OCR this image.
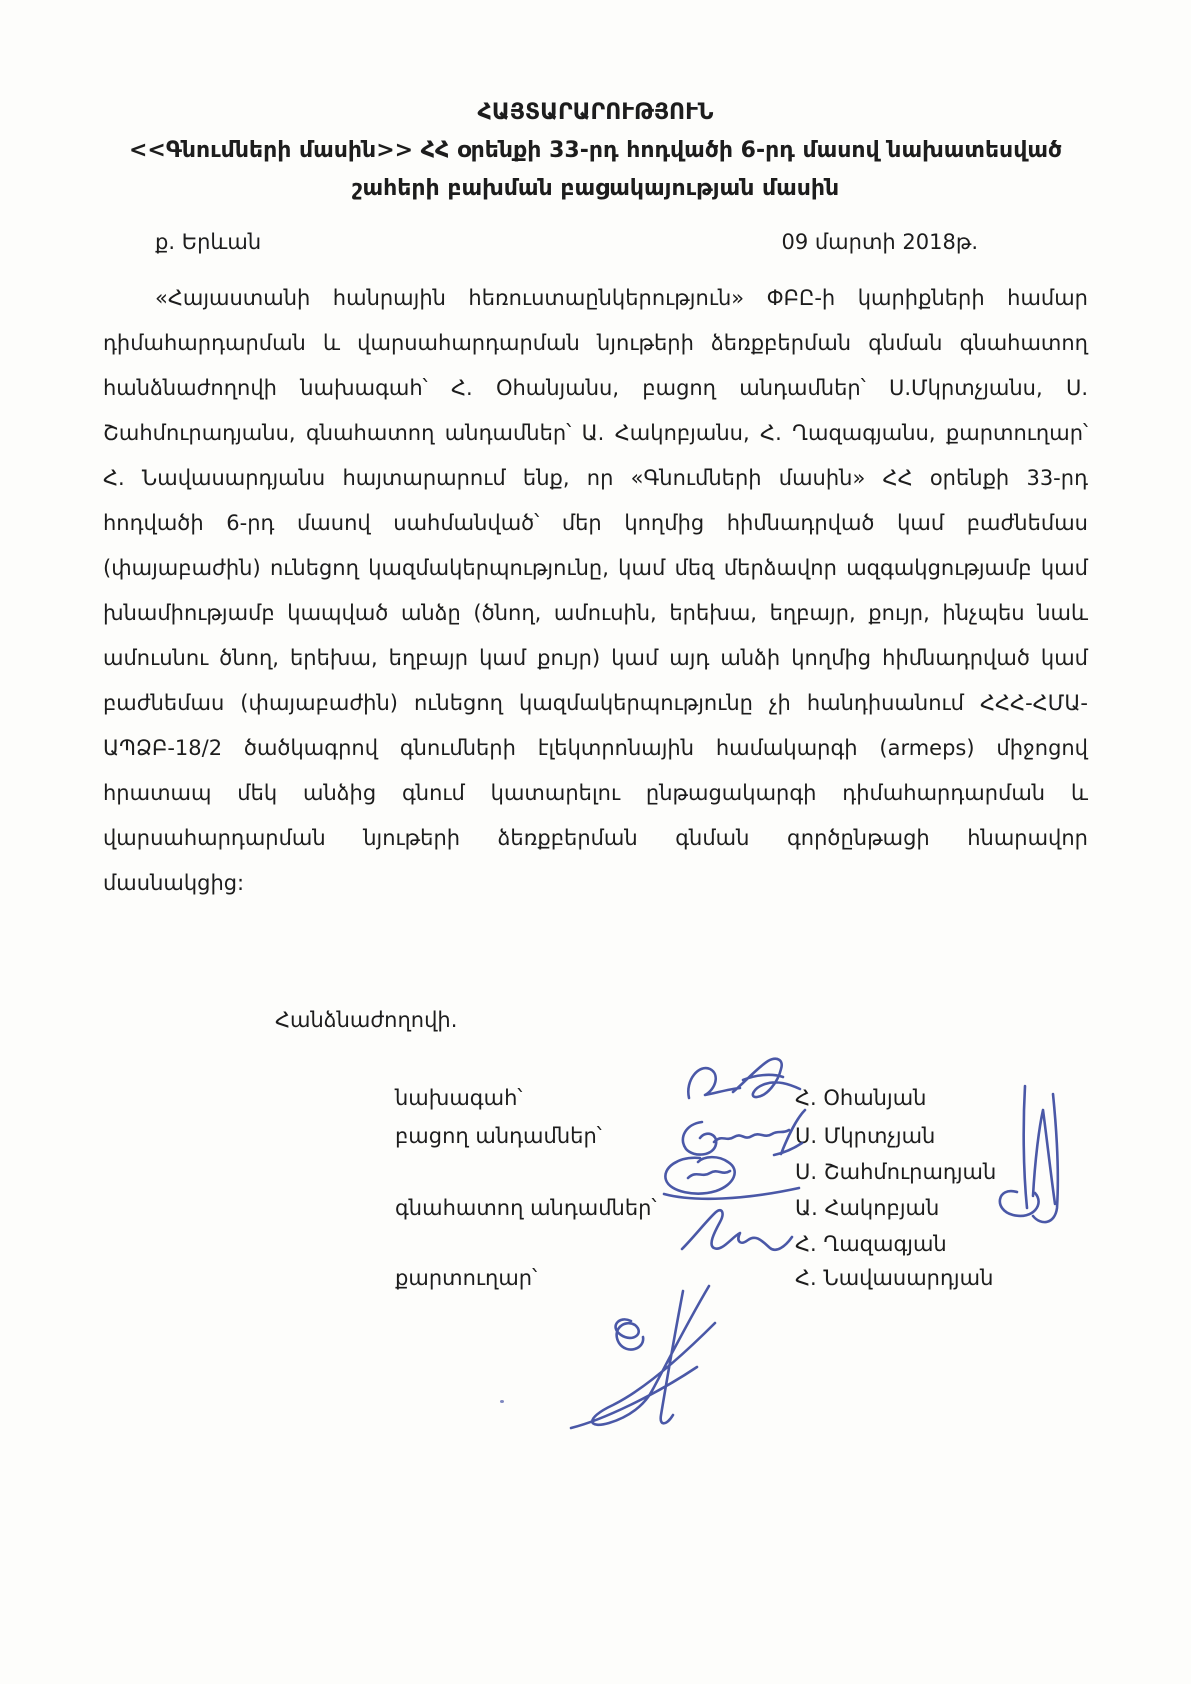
ՀԱՅՏԱՐԱՐՈՒԹՅՈՒՆ
<<Գնումների մասին>> ՀՀ օրենքի 33-րդ հոդվածի 6-րդ մասով նախատեսված
շահերի բախման բացակայության մասին
ք. Երևան	09 մարտի 2018թ.
«Հայաստանի հանրային հեռուստաընկերություն» ՓԲԸ-ի կարիքների համար դիմահարդարման և վարսահարդարման նյութերի ձեռքբերման գնման գնահատող հանձնաժողովի նախագահ՝ Հ. Օհանյանս, բացող անդամներ՝ Ս.Մկրտչյանս, Ս. Շահմուրադյանս, գնահատող անդամներ՝ Ա. Հակոբյանս, Հ. Ղազագյանս, քարտուղար՝ Հ. Նավասարդյանս հայտարարում ենք, որ «Գնումների մասին» ՀՀ օրենքի 33-րդ հոդվածի 6-րդ մասով սահմանված՝ մեր կողմից հիմնադրված կամ բաժնեմաս (փայաբաժին) ունեցող կազմակերպությունը, կամ մեզ մերձավոր ազգակցությամբ կամ խնամիությամբ կապված անձը (ծնող, ամուսին, երեխա, եղբայր, քույր, ինչպես նաև ամուսնու ծնող, երեխա, եղբայր կամ քույր) կամ այդ անձի կողմից հիմնադրված կամ բաժնեմաս (փայաբաժին) ունեցող կազմակերպությունը չի հանդիսանում ՀՀՀ-ՀՄԱ-ԱՊՁԲ-18/2 ծածկագրով գնումների էլեկտրոնային համակարգի (armeps) միջոցով հրատապ մեկ անձից գնում կատարելու ընթացակարգի դիմահարդարման և վարսահարդարման նյութերի ձեռքբերման գնման գործընթացի հնարավոր մասնակցից:
Հանձնաժողովի.
նախագահ՝
բացող անդամներ՝
գնահատող անդամներ՝
քարտուղար՝
Հ. Օհանյան
Ս. Մկրտչյան
Ս. Շահմուրադյան
Ա. Հակոբյան
Հ. Ղազագյան
Հ. Նավասարդյան
